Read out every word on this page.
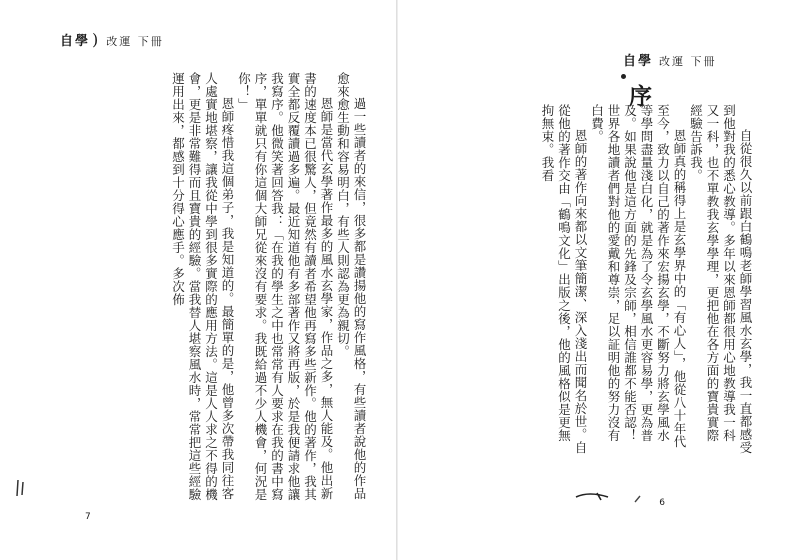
自學 ) 改運 下冊

過一些讀者的來信，很多都是讚揚他的寫作風格，有些讀者說他的作品愈來愈生動和容易明白，有些人則認為更為親切。

恩師是當代玄學著作最多的風水玄學家，作品之多，無人能及。他出新書的速度本已很驚人，但竟然有讀者希望他再寫多些新作。他的著作，我其實全都反覆讀過多遍。最近知道他有多部著作又將再版，於是我便請求他讓我寫序。他微笑著回答我：「在我的學生之中也常常有人要求在我的書中寫序，單單就只有你這個大師兄從來沒有要求。我既給過不少人機會，何況是你！」

恩師疼惜我這個弟子，我是知道的。最簡單的是，他曾多次帶我同往客人處實地堪察，讓我從中學到很多實際的應用方法。這是人人求之不得的機會，更是非常難得而且寶貴的經驗。當我替人堪察風水時，常常把這些經驗運用出來，都感到十分得心應手。多次佈

7
自學 改運 下冊
序

自從很久以前跟白鶴鳴老師學習風水玄學，我一直都感受到他對我的悉心教導。多年以來恩師都很用心地教導我一科又一科，也不單教我玄學學理，更把他在各方面的寶貴實際經驗告訴我。

恩師真的稱得上是玄學界中的「有心人」，他從八十年代至今，致力以自己的著作來宏揚玄學，不斷努力將玄學風水等學問盡量淺白化，就是為了令玄學風水更容易學，更為普及。如果說他是這方面的先鋒及宗師，相信誰都不能否認！世界各地讀者們對他的愛戴和尊崇，足以証明他的努力沒有白費。

恩師的著作向來都以文筆簡潔、深入淺出而聞名於世。自從他的著作交由「鶴鳴文化」出版之後，他的風格似是更無拘無束。我看

6
